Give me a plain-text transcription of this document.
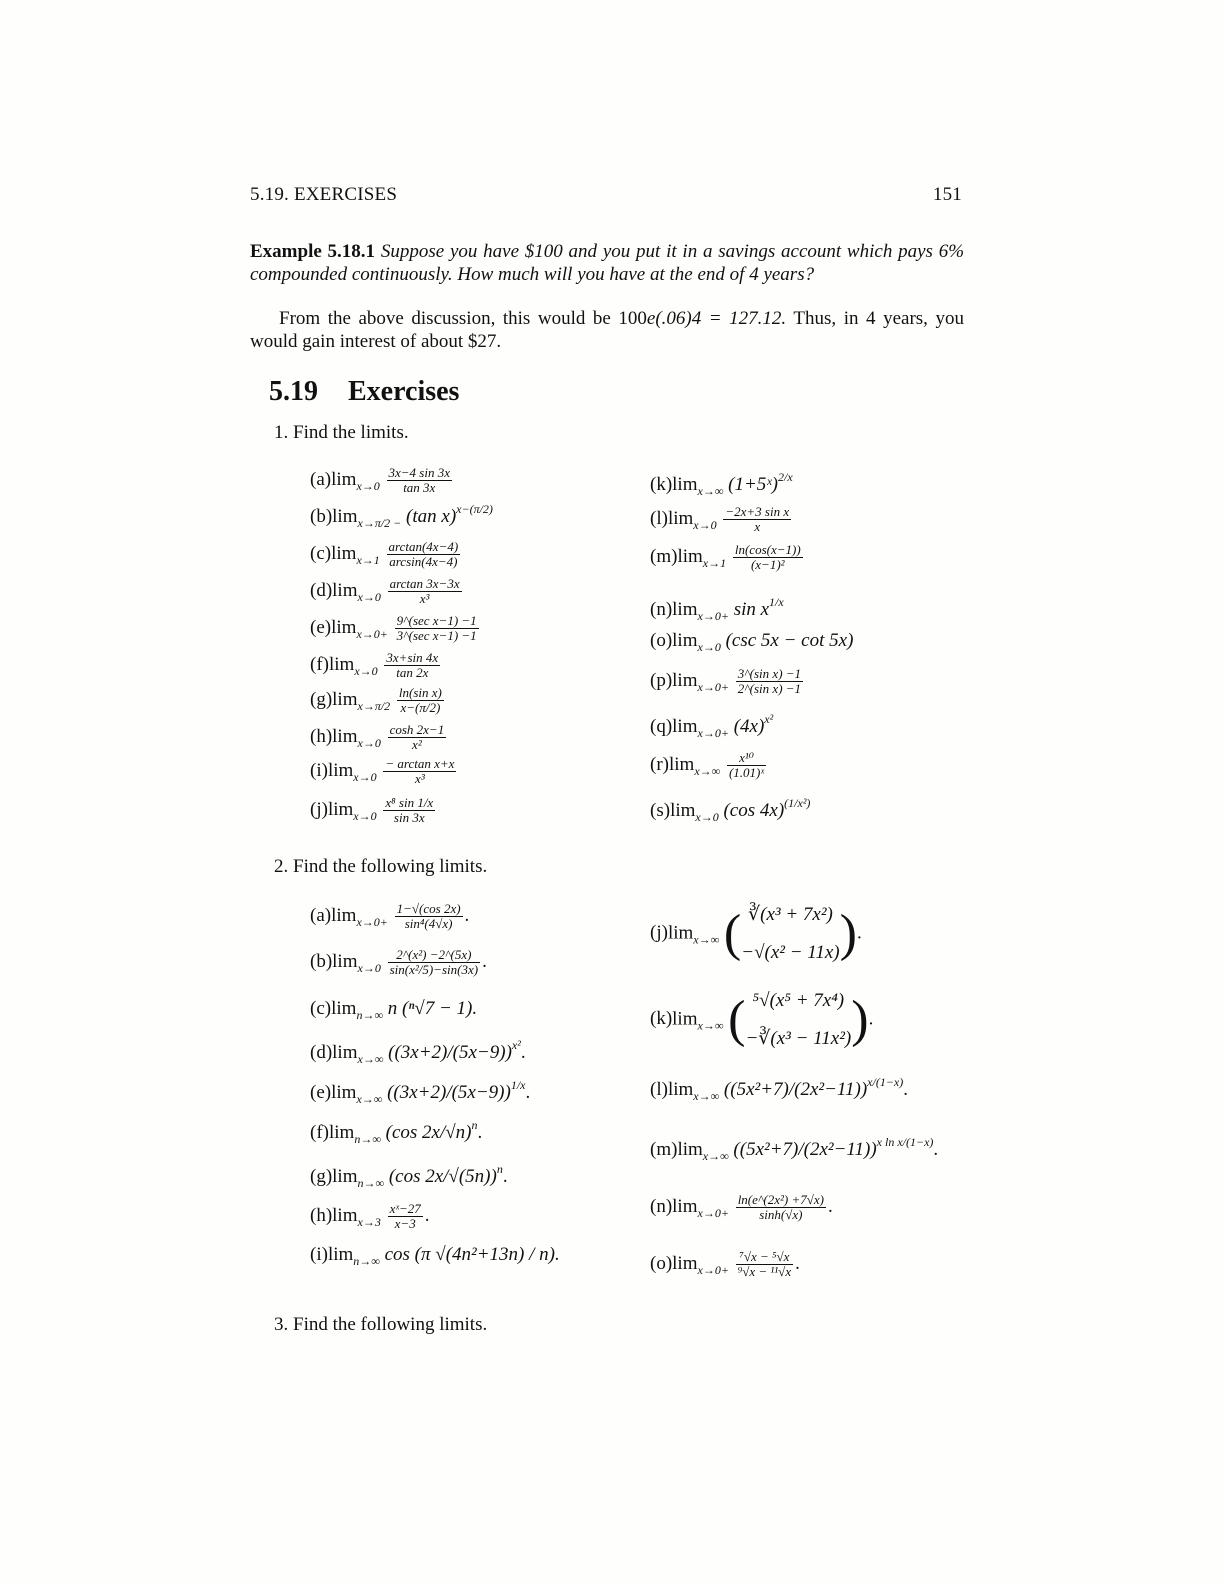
5.19. EXERCISES	151
Example 5.18.1 Suppose you have $100 and you put it in a savings account which pays 6% compounded continuously. How much will you have at the end of 4 years?
From the above discussion, this would be 100e(.06)4 = 127.12. Thus, in 4 years, you would gain interest of about $27.
5.19 Exercises
1. Find the limits.
$(a)\lim_{x\to 0} \frac{3x-4 \sin 3x}{\tan 3x}$
$(b)\lim_{x\to\pi/2 -}$ (tan x)$^{x-(\pi/2)}$
$(c)\lim_{x\to 1} \frac{\arctan(4x-4)}{\arcsin(4x-4)}$
$(d)\lim_{x\to 0} \frac{\arctan 3x-3x}{\text{x³}}$
$(e)\lim_{x\to 0+} \frac{\text{9\textasciicircum{}(sec x−1) −1}}{\text{3\textasciicircum{}(sec x−1) −1}}$
$(f)\lim_{x\to 0} \frac{3x+\sin 4x}{\tan 2x}$
$(g)\lim_{x\to\pi/2} \frac{\text{ln(sin x)}}{x-(\pi/2)}$
$(h)\lim_{x\to 0} \frac{\cosh 2x-1}{\text{x²}}$
$(i)\lim_{x\to 0} \frac{\text{− arctan x+x}}{\text{x³}}$
$(j)\lim_{x\to 0} \frac{\text{x⁸ sin 1/x}}{\sin 3x}$
$(k)\lim_{x\to\infty}$ (1+5ˣ)$^{2/x}$
$(l)\lim_{x\to 0} \frac{\text{−2x+3 sin x}}{x}$
$(m)\lim_{x\to 1} \frac{\ln(\cos(x-1))}{\text{(x−1)²}}$
$(n)\lim_{x\to 0+}$ $\sin x^{1/x}$
$(o)\lim_{x\to 0}$ (csc 5x − cot 5x)
$(p)\lim_{x\to 0+} \frac{\text{3\textasciicircum{}(sin x) −1}}{\text{2\textasciicircum{}(sin x) −1}}$
$(q)\lim_{x\to 0+}$ $(4x)^{x^2}$
$(r)\lim_{x\to\infty} \frac{\text{x¹⁰}}{\text{(1.01)ˣ}}$
$(s)\lim_{x\to 0}$ (cos 4x)$^{(1/x^2)}$
2. Find the following limits.
$(a)\lim_{x\to 0+} \frac{1-√(\cos 2x)}{\text{sin⁴(4√x)}}$ .
$(b)\lim_{x\to 0} \frac{\text{2\textasciicircum{}(x²) −2\textasciicircum{}(5x)}}{\text{sin(x²/5)−sin(3x)}}$ .
$(c)\lim_{n\to\infty}$ n (ⁿ√7 − 1).
$(d)\lim_{x\to\infty}$ $((3x+2)/(5x-9))^{x^2}$.
$(e)\lim_{x\to\infty}$ $((3x+2)/(5x-9))^{1/x}$.
$(f)\lim_{n\to\infty}$ (cos 2x/√n)$^n$.
$(g)\lim_{n\to\infty}$ (cos 2x/√(5n))$^n$.
$(h)\lim_{x\to 3} \frac{\text{xˣ−27}}{x-3}$ .
$(i)\lim_{n\to\infty}$ cos (π √(4n²+13n) / n).
$(j)\lim_{x\to\infty}$ ( ∛(x³ + 7x²)
−√(x² − 11x)).
$(k)\lim_{x\to\infty}$ ( ⁵√(x⁵ + 7x⁴)
−∛(x³ − 11x²)).
$(l)\lim_{x\to\infty}$ $((5x^2+7)/(2x^2-11))^{x/(1-x)}$.
$(m)\lim_{x\to\infty}$ $((5x^2+7)/(2x^2-11))^{x ln x/(1-x)}$.
$(n)\lim_{x\to 0+} \frac{\text{ln(e\textasciicircum{}(2x²) +7√x)}}{\sinh(√x)}$ .
$(o)\lim_{x\to 0+} \frac{\text{⁷√x − ⁵√x}}{\text{⁹√x − ¹¹√x}}$ .
3. Find the following limits.
